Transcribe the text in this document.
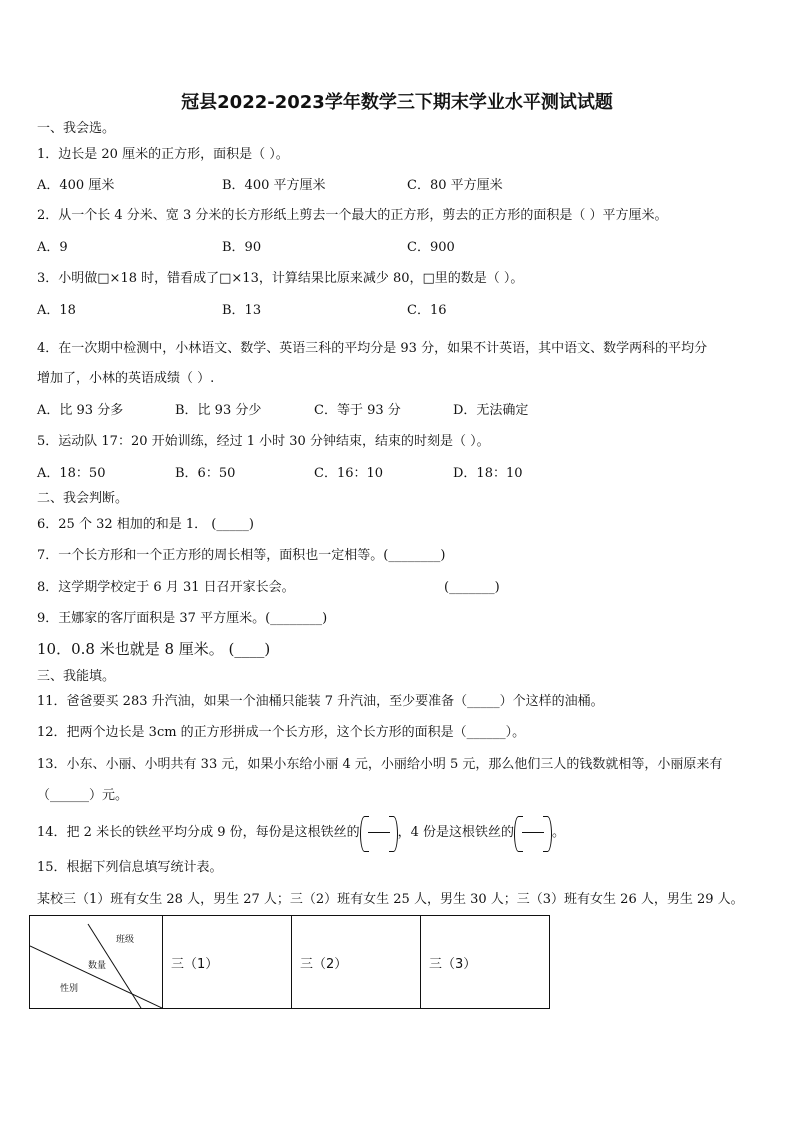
冠县2022-2023学年数学三下期末学业水平测试试题
一、我会选。
1．边长是 20 厘米的正方形，面积是（ ）。
A．400 厘米	B．400 平方厘米	C．80 平方厘米
2．从一个长 4 分米、宽 3 分米的长方形纸上剪去一个最大的正方形，剪去的正方形的面积是（ ）平方厘米。
A．9	B．90	C．900
3．小明做□×18 时，错看成了□×13，计算结果比原来减少 80，□里的数是（ ）。
A．18	B．13	C．16
4．在一次期中检测中，小林语文、数学、英语三科的平均分是 93 分，如果不计英语，其中语文、数学两科的平均分
增加了，小林的英语成绩（ ）.
A．比 93 分多	B．比 93 分少	C．等于 93 分	D．无法确定
5．运动队 17：20 开始训练，经过 1 小时 30 分钟结束，结束的时刻是（ ）。
A．18：50	B．6：50	C．16：10	D．18：10
二、我会判断。
6．25 个 32 相加的和是 1． (_____)
7．一个长方形和一个正方形的周长相等，面积也一定相等。(________)
8．这学期学校定于 6 月 31 日召开家长会。	(_______)
9．王娜家的客厅面积是 37 平方厘米。(________)
10．0.8 米也就是 8 厘米。 (____)
三、我能填。
11．爸爸要买 283 升汽油，如果一个油桶只能装 7 升汽油，至少要准备（_____）个这样的油桶。
12．把两个边长是 3cm 的正方形拼成一个长方形，这个长方形的面积是（______）。
13．小东、小丽、小明共有 33 元，如果小东给小丽 4 元，小丽给小明 5 元，那么他们三人的钱数就相等，小丽原来有
（______）元。
14．把 2 米长的铁丝平均分成 9 份，每份是这根铁丝的	，4 份是这根铁丝的	。
15．根据下列信息填写统计表。
某校三（1）班有女生 28 人，男生 27 人；三（2）班有女生 25 人，男生 30 人；三（3）班有女生 26 人，男生 29 人。
班级
数量
性别
	三（1）	三（2）	三（3）
